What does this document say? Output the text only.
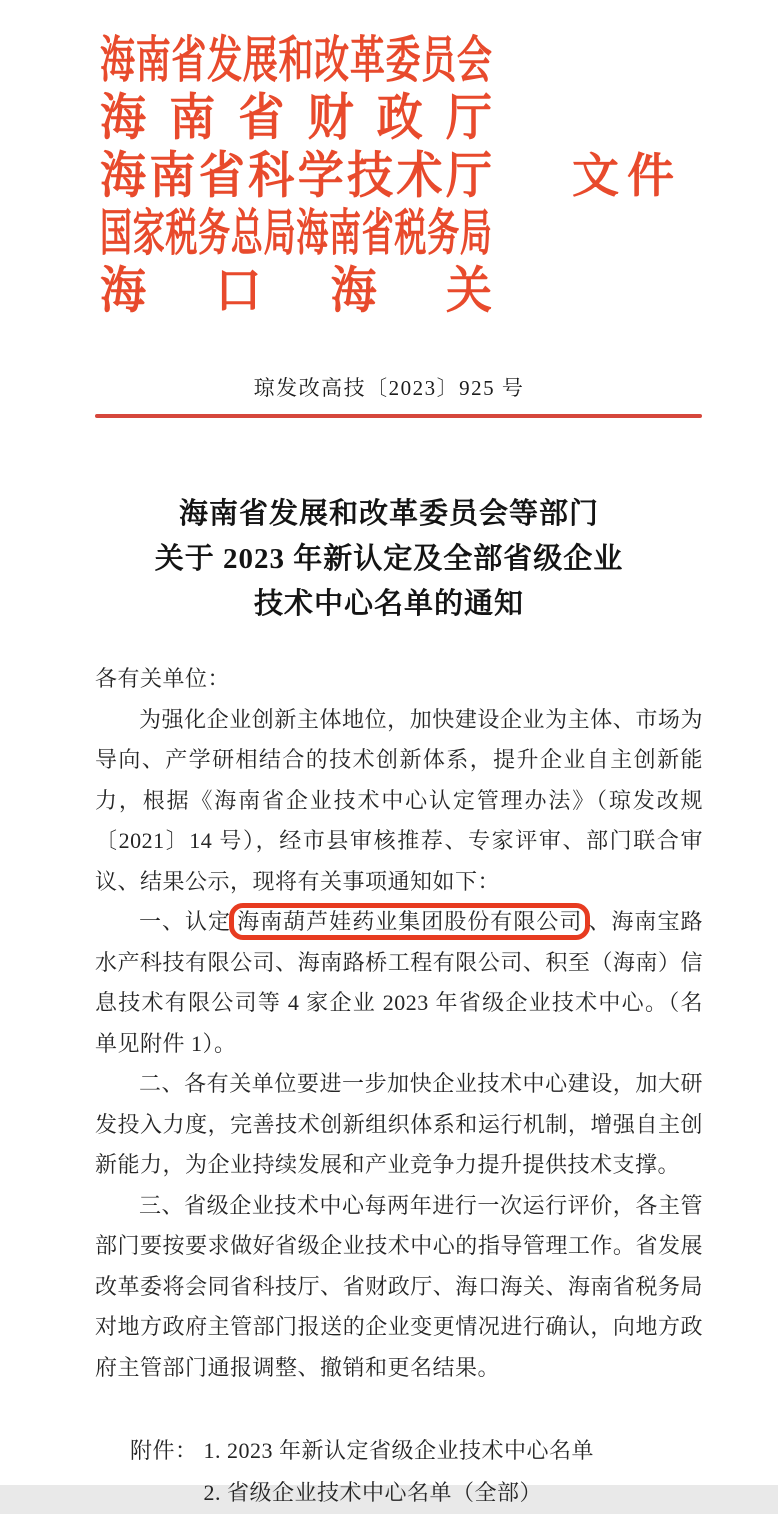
海 南 省 发 展 和 改 革 委 员 会
海 南 省 财 政 厅
海 南 省 科 学 技 术 厅
国 家 税 务 总 局 海 南 省 税 务 局
海 口 海 关
文件
琼发改高技〔2023〕925 号
海南省发展和改革委员会等部门
关于 2023 年新认定及全部省级企业
技术中心名单的通知

各有关单位：

为强化企业创新主体地位，加快建设企业为主体、市场为导向、产学研相结合的技术创新体系，提升企业自主创新能力，根据《海南省企业技术中心认定管理办法》（琼发改规〔2021〕14 号），经市县审核推荐、专家评审、部门联合审议、结果公示，现将有关事项通知如下：

一、认定 海南葫芦娃药业集团股份有限公司 、海南宝路水产科技有限公司、海南路桥工程有限公司、积至（海南）信息技术有限公司等 4 家企业 2023 年省级企业技术中心。（名单见附件 1）。

二、各有关单位要进一步加快企业技术中心建设，加大研发投入力度，完善技术创新组织体系和运行机制，增强自主创新能力，为企业持续发展和产业竞争力提升提供技术支撑。

三、省级企业技术中心每两年进行一次运行评价，各主管部门要按要求做好省级企业技术中心的指导管理工作。省发展改革委将会同省科技厅、省财政厅、海口海关、海南省税务局对地方政府主管部门报送的企业变更情况进行确认，向地方政府主管部门通报调整、撤销和更名结果。

附件： 1. 2023 年新认定省级企业技术中心名单
2. 省级企业技术中心名单（全部）
